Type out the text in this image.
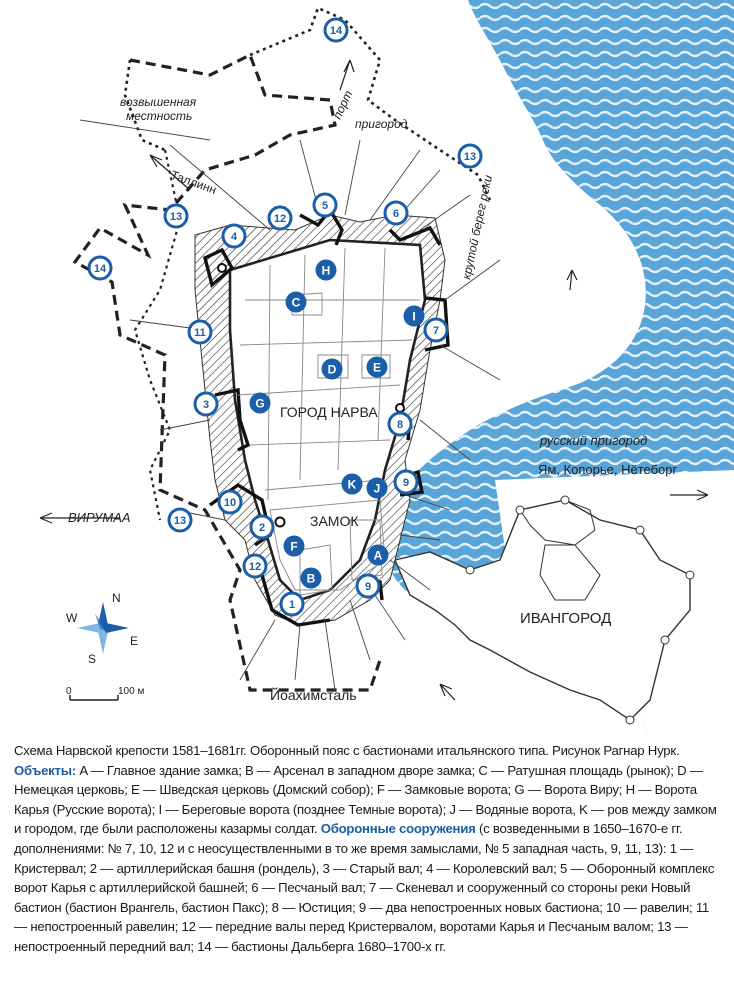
ГОРОД НАРВА
ЗАМОК
ИВАНГОРОД
Йоахимсталь
русский пригород
пригород
порт
возвышенная
местность
Таллинн	крутой берег реки
РЕКА НАРВА
РЕКА НАРВА
ВИРУМАА
Ям, Копорье, Нётеборг
N
S
W
E
0	100 м
14
13
13
14
12
5
6
4
11	7
3
8
9
10
13
2
12
1
9
H
C
I
D	E
G
K J
F
A
B

Схема Нарвской крепости 1581–1681гг. Оборонный пояс с бастионами итальянского типа. Рисунок Рагнар Нурк.

Объекты: A — Главное здание замка; B — Арсенал в западном дворе замка; C — Ратушная площадь (рынок); D — Немецкая церковь; E — Шведская церковь (Домский собор); F — Замковые ворота; G — Ворота Виру; H — Ворота Карья (Русские ворота); I — Береговые ворота (позднее Темные ворота); J — Водяные ворота, K — ров между замком и городом, где были расположены казармы солдат. Оборонные сооружения (с возведенными в 1650–1670-е гг. дополнениями: № 7, 10, 12 и с неосуществленными в то же время замыслами, № 5 западная часть, 9, 11, 13): 1 — Кристервал; 2 — артиллерийская башня (рондель), 3 — Старый вал; 4 — Королевский вал; 5 — Оборонный комплекс ворот Карья с артиллерийской башней; 6 — Песчаный вал; 7 — Скеневал и сооруженный со стороны реки Новый бастион (бастион Врангель, бастион Пакс); 8 — Юстиция; 9 — два непостроенных новых бастиона; 10 — равелин; 11 — непостроенный равелин; 12 — передние валы перед Кристервалом, воротами Карья и Песчаным валом; 13 — непостроенный передний вал; 14 — бастионы Дальберга 1680–1700-х гг.
